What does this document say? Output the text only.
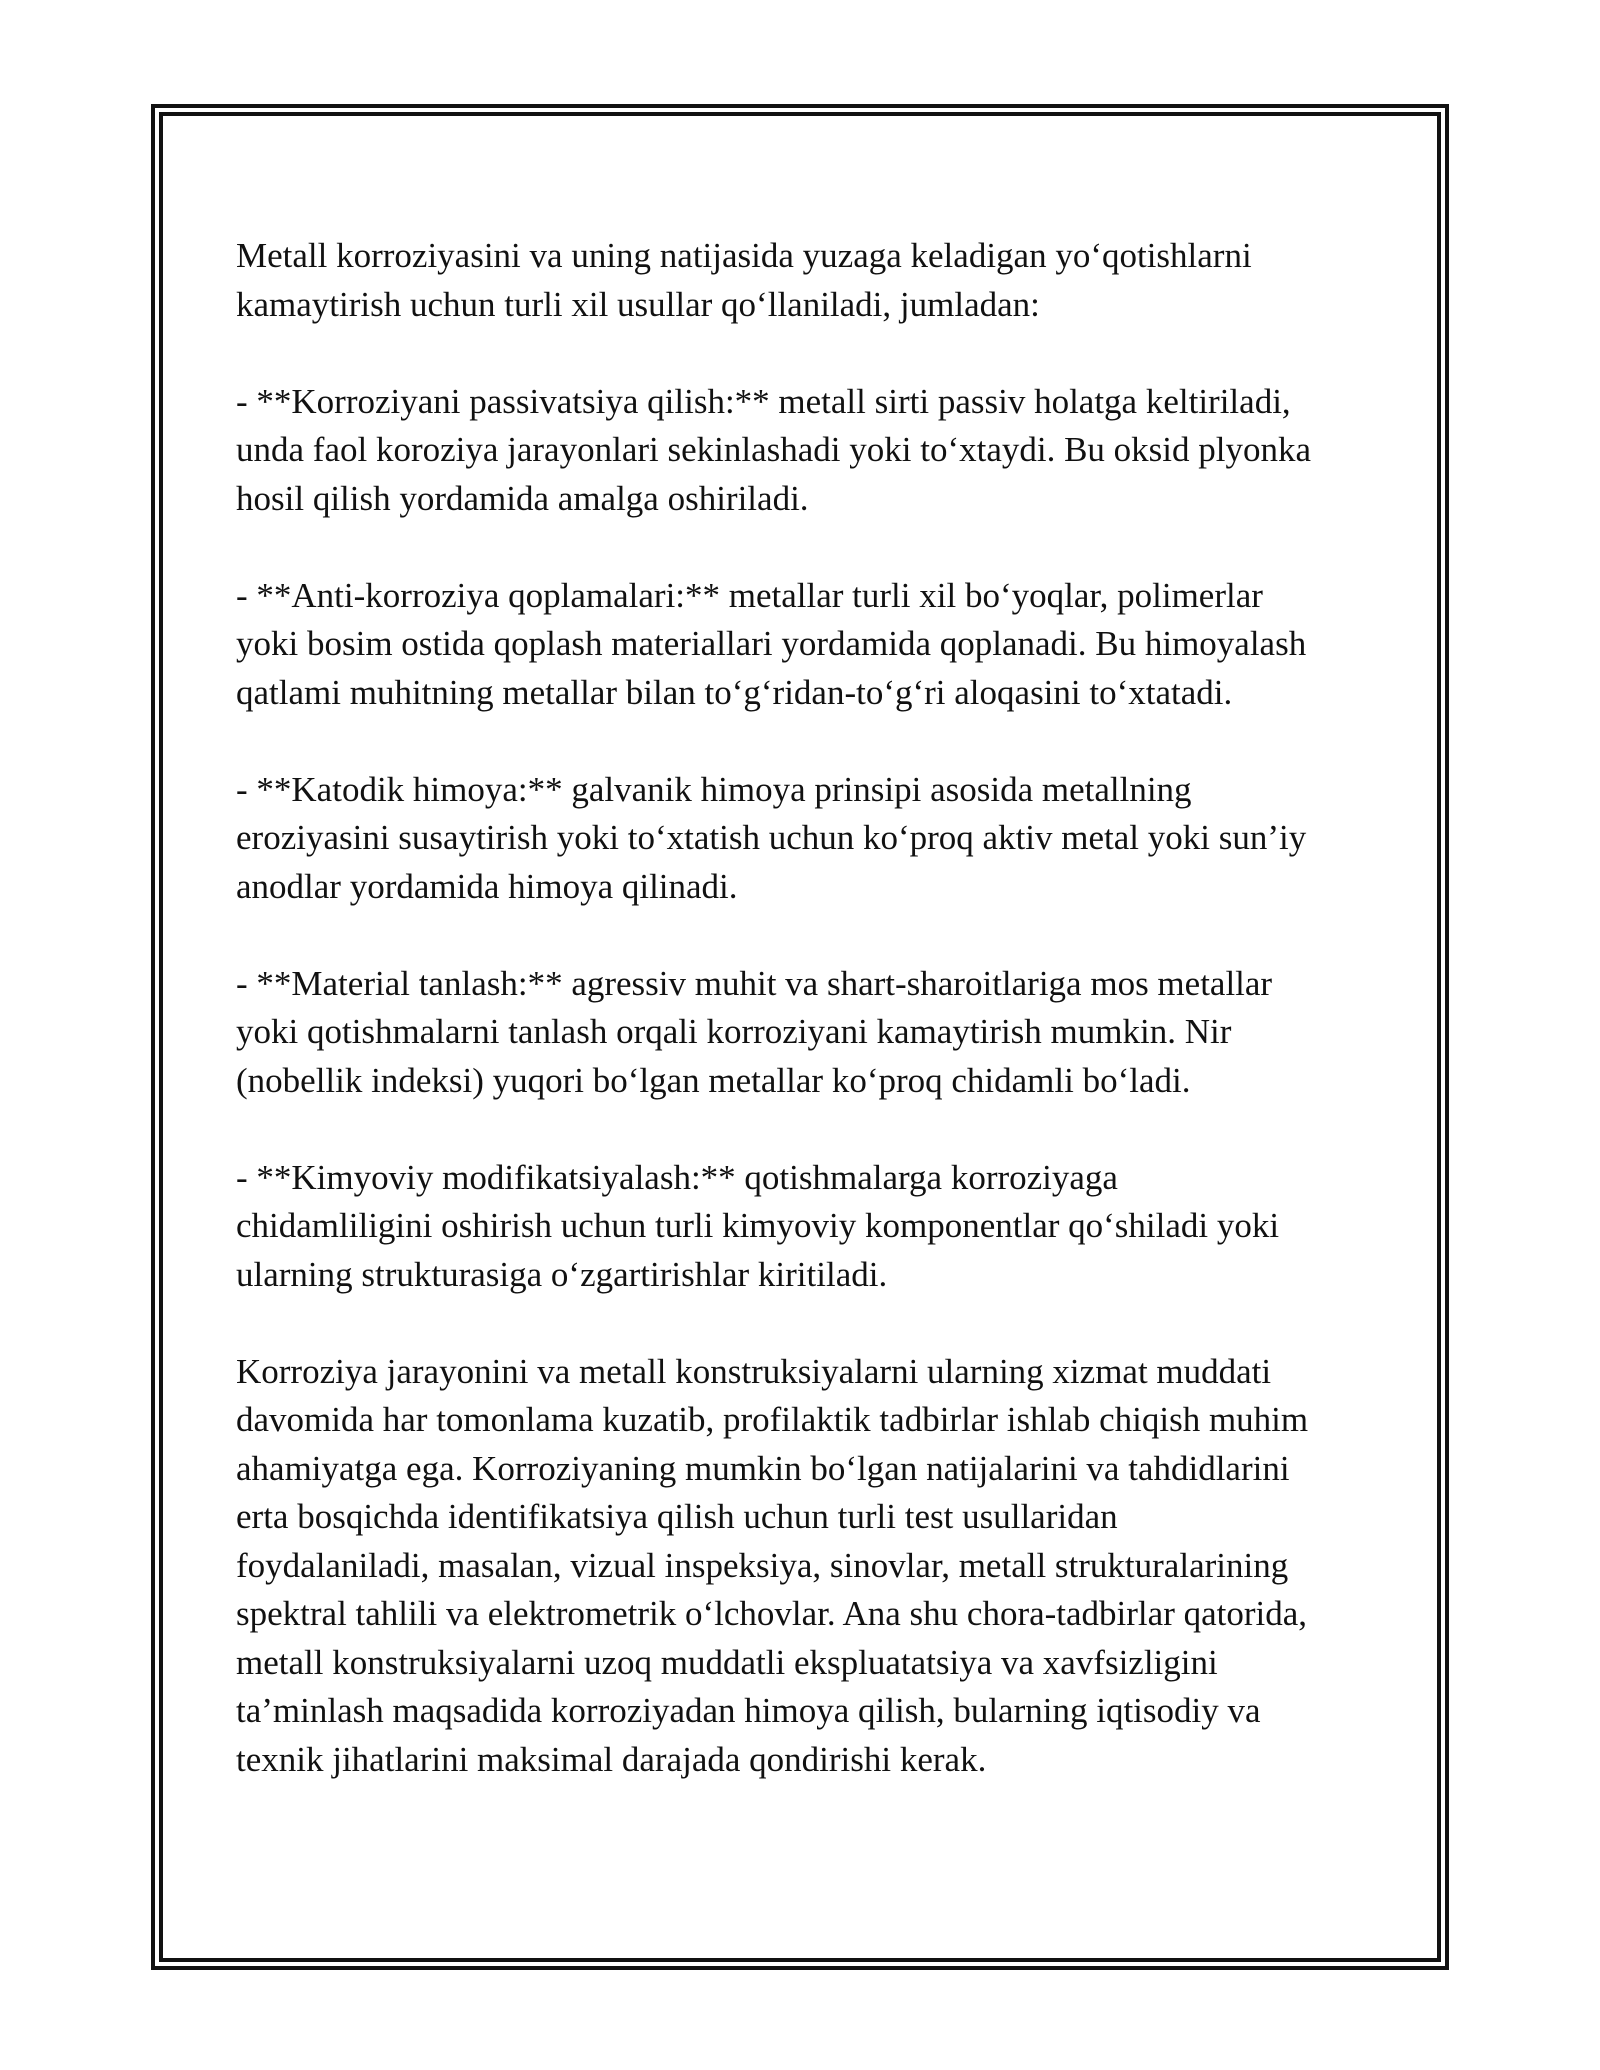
Metall korroziyasini va uning natijasida yuzaga keladigan yo‘qotishlarni
kamaytirish uchun turli xil usullar qo‘llaniladi, jumladan:

- **Korroziyani passivatsiya qilish:** metall sirti passiv holatga keltiriladi,
unda faol koroziya jarayonlari sekinlashadi yoki to‘xtaydi. Bu oksid plyonka
hosil qilish yordamida amalga oshiriladi.

- **Anti-korroziya qoplamalari:** metallar turli xil bo‘yoqlar, polimerlar
yoki bosim ostida qoplash materiallari yordamida qoplanadi. Bu himoyalash
qatlami muhitning metallar bilan to‘g‘ridan-to‘g‘ri aloqasini to‘xtatadi.

- **Katodik himoya:** galvanik himoya prinsipi asosida metallning
eroziyasini susaytirish yoki to‘xtatish uchun ko‘proq aktiv metal yoki sun’iy
anodlar yordamida himoya qilinadi.

- **Material tanlash:** agressiv muhit va shart-sharoitlariga mos metallar
yoki qotishmalarni tanlash orqali korroziyani kamaytirish mumkin. Nir
(nobellik indeksi) yuqori bo‘lgan metallar ko‘proq chidamli bo‘ladi.

- **Kimyoviy modifikatsiyalash:** qotishmalarga korroziyaga
chidamliligini oshirish uchun turli kimyoviy komponentlar qo‘shiladi yoki
ularning strukturasiga o‘zgartirishlar kiritiladi.

Korroziya jarayonini va metall konstruksiyalarni ularning xizmat muddati
davomida har tomonlama kuzatib, profilaktik tadbirlar ishlab chiqish muhim
ahamiyatga ega. Korroziyaning mumkin bo‘lgan natijalarini va tahdidlarini
erta bosqichda identifikatsiya qilish uchun turli test usullaridan
foydalaniladi, masalan, vizual inspeksiya, sinovlar, metall strukturalarining
spektral tahlili va elektrometrik o‘lchovlar. Ana shu chora-tadbirlar qatorida,
metall konstruksiyalarni uzoq muddatli ekspluatatsiya va xavfsizligini
ta’minlash maqsadida korroziyadan himoya qilish, bularning iqtisodiy va
texnik jihatlarini maksimal darajada qondirishi kerak.
